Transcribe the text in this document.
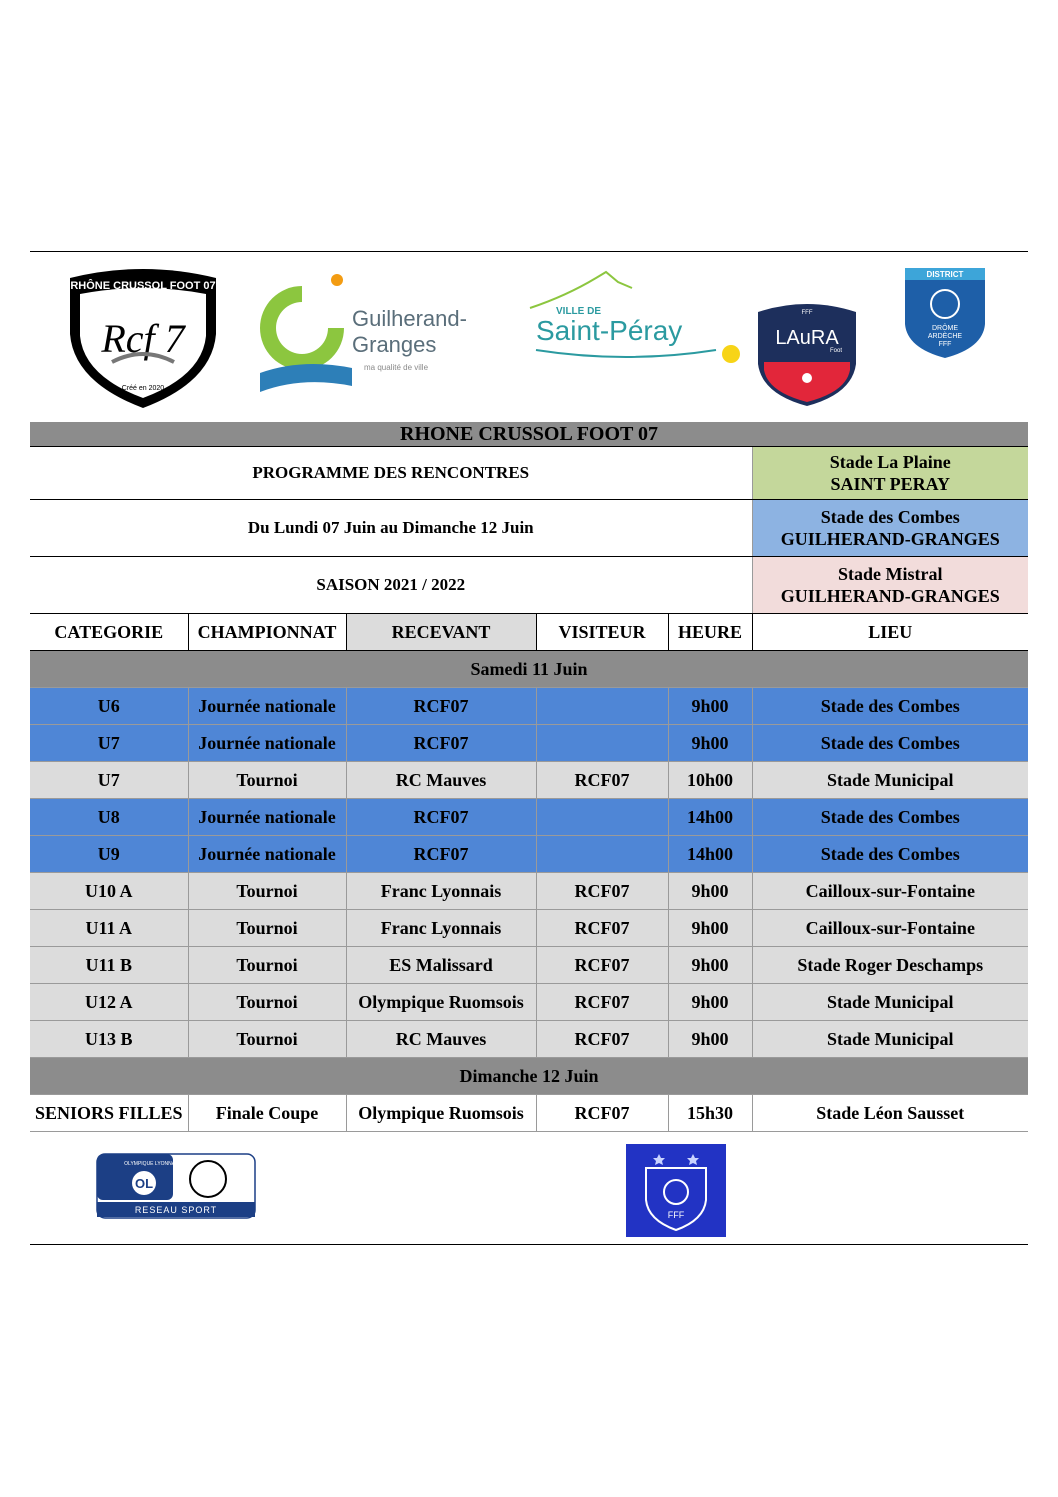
RHÔNE CRUSSOL FOOT 07
Rcf 7
Créé en 2020
Guilherand-
Granges
ma qualité de ville
VILLE DE
Saint-Péray
FFF
LAuRA
Foot
DISTRICT
DRÔME
ARDÈCHE
FFF
RHONE CRUSSOL FOOT 07					
PROGRAMME DES RENCONTRES					Stade La Plaine
SAINT PERAY

Du Lundi 07 Juin au Dimanche 12 Juin					Stade des Combes
GUILHERAND-GRANGES

SAISON 2021 / 2022					Stade Mistral
GUILHERAND-GRANGES

CATEGORIE	CHAMPIONNAT	RECEVANT	VISITEUR	HEURE	LIEU
Samedi 11 Juin					
U6	Journée nationale	RCF07		9h00	Stade des Combes
U7	Journée nationale	RCF07		9h00	Stade des Combes
U7	Tournoi	RC Mauves	RCF07	10h00	Stade Municipal
U8	Journée nationale	RCF07		14h00	Stade des Combes
U9	Journée nationale	RCF07		14h00	Stade des Combes
U10 A	Tournoi	Franc Lyonnais	RCF07	9h00	Cailloux-sur-Fontaine
U11 A	Tournoi	Franc Lyonnais	RCF07	9h00	Cailloux-sur-Fontaine
U11 B	Tournoi	ES Malissard	RCF07	9h00	Stade Roger Deschamps
U12 A	Tournoi	Olympique Ruomsois	RCF07	9h00	Stade Municipal
U13 B	Tournoi	RC Mauves	RCF07	9h00	Stade Municipal
Dimanche 12 Juin					
SENIORS FILLES	Finale Coupe	Olympique Ruomsois	RCF07	15h30	Stade Léon Sausset
OLYMPIQUE LYONNAIS
OL
RESEAU SPORT	FFF
